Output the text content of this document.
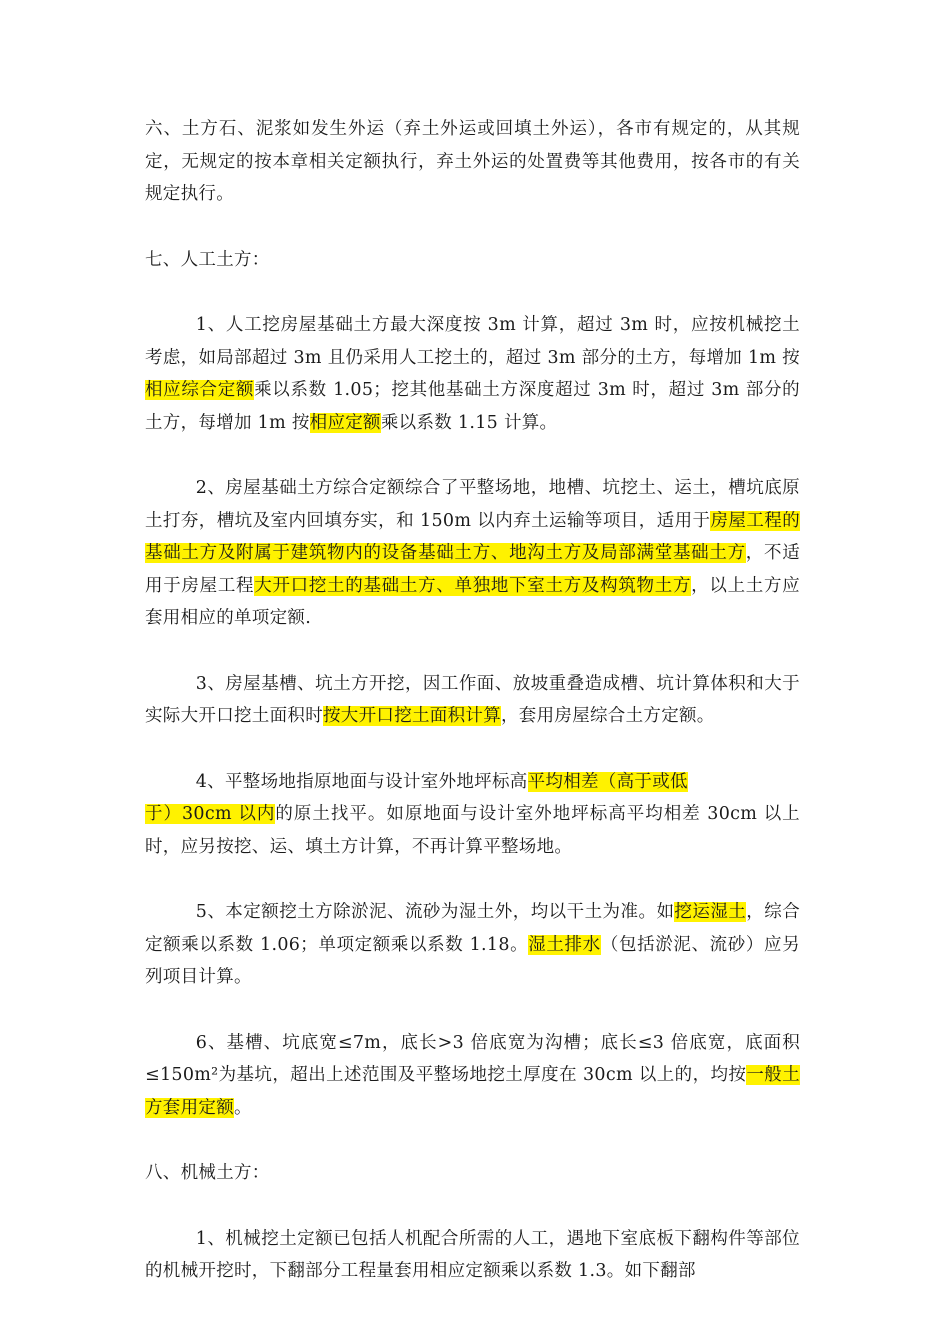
六、土方石、泥浆如发生外运（弃土外运或回填土外运），各市有规定的，从其规定，无规定的按本章相关定额执行，弃土外运的处置费等其他费用，按各市的有关规定执行。

七、人工土方：

1、人工挖房屋基础土方最大深度按 3m 计算，超过 3m 时，应按机械挖土考虑，如局部超过 3m 且仍采用人工挖土的，超过 3m 部分的土方，每增加 1m 按相应综合定额乘以系数 1.05；挖其他基础土方深度超过 3m 时，超过 3m 部分的土方，每增加 1m 按相应定额乘以系数 1.15 计算。

2、房屋基础土方综合定额综合了平整场地，地槽、坑挖土、运土，槽坑底原土打夯，槽坑及室内回填夯实，和 150m 以内弃土运输等项目，适用于房屋工程的基础土方及附属于建筑物内的设备基础土方、地沟土方及局部满堂基础土方，不适用于房屋工程大开口挖土的基础土方、单独地下室土方及构筑物土方，以上土方应套用相应的单项定额.

3、房屋基槽、坑土方开挖，因工作面、放坡重叠造成槽、坑计算体积和大于实际大开口挖土面积时按大开口挖土面积计算，套用房屋综合土方定额。

4、平整场地指原地面与设计室外地坪标高平均相差（高于或低
于）30cm 以内的原土找平。如原地面与设计室外地坪标高平均相差 30cm 以上时，应另按挖、运、填土方计算，不再计算平整场地。

5、本定额挖土方除淤泥、流砂为湿土外，均以干土为准。如挖运湿土，综合定额乘以系数 1.06；单项定额乘以系数 1.18。湿土排水（包括淤泥、流砂）应另列项目计算。

6、基槽、坑底宽≤7m，底长>3 倍底宽为沟槽；底长≤3 倍底宽，底面积≤150m²为基坑，超出上述范围及平整场地挖土厚度在 30cm 以上的，均按一般土方套用定额。

八、机械土方：

1、机械挖土定额已包括人机配合所需的人工，遇地下室底板下翻构件等部位的机械开挖时，下翻部分工程量套用相应定额乘以系数 1.3。如下翻部
